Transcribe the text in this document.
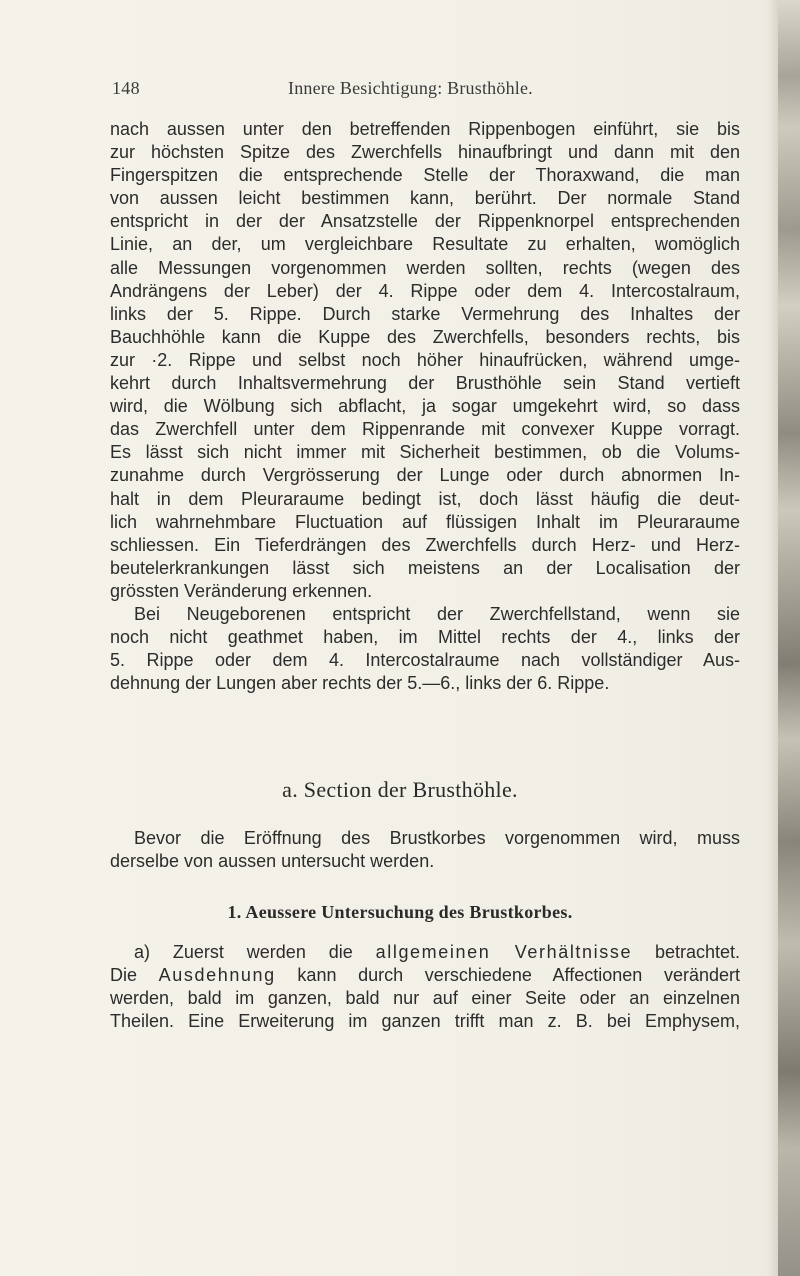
148	Innere Besichtigung: Brusthöhle.
nach aussen unter den betreffenden Rippenbogen einführt, sie bis
zur höchsten Spitze des Zwerchfells hinaufbringt und dann mit den
Fingerspitzen die entsprechende Stelle der Thoraxwand, die man
von aussen leicht bestimmen kann, berührt. Der normale Stand
entspricht in der der Ansatzstelle der Rippenknorpel entsprechenden
Linie, an der, um vergleichbare Resultate zu erhalten, womöglich
alle Messungen vorgenommen werden sollten, rechts (wegen des
Andrängens der Leber) der 4. Rippe oder dem 4. Intercostalraum,
links der 5. Rippe. Durch starke Vermehrung des Inhaltes der
Bauchhöhle kann die Kuppe des Zwerchfells, besonders rechts, bis
zur ·2. Rippe und selbst noch höher hinaufrücken, während umge-
kehrt durch Inhaltsvermehrung der Brusthöhle sein Stand vertieft
wird, die Wölbung sich abflacht, ja sogar umgekehrt wird, so dass
das Zwerchfell unter dem Rippenrande mit convexer Kuppe vorragt.
Es lässt sich nicht immer mit Sicherheit bestimmen, ob die Volums-
zunahme durch Vergrösserung der Lunge oder durch abnormen In-
halt in dem Pleuraraume bedingt ist, doch lässt häufig die deut-
lich wahrnehmbare Fluctuation auf flüssigen Inhalt im Pleuraraume
schliessen. Ein Tieferdrängen des Zwerchfells durch Herz- und Herz-
beutelerkrankungen lässt sich meistens an der Localisation der
grössten Veränderung erkennen.
Bei Neugeborenen entspricht der Zwerchfellstand, wenn sie
noch nicht geathmet haben, im Mittel rechts der 4., links der
5. Rippe oder dem 4. Intercostalraume nach vollständiger Aus-
dehnung der Lungen aber rechts der 5.—6., links der 6. Rippe.
a. Section der Brusthöhle.
Bevor die Eröffnung des Brustkorbes vorgenommen wird, muss
derselbe von aussen untersucht werden.
1. Aeussere Untersuchung des Brustkorbes.
a) Zuerst werden die allgemeinen Verhältnisse betrachtet.
Die Ausdehnung kann durch verschiedene Affectionen verändert
werden, bald im ganzen, bald nur auf einer Seite oder an einzelnen
Theilen. Eine Erweiterung im ganzen trifft man z. B. bei Emphysem,
